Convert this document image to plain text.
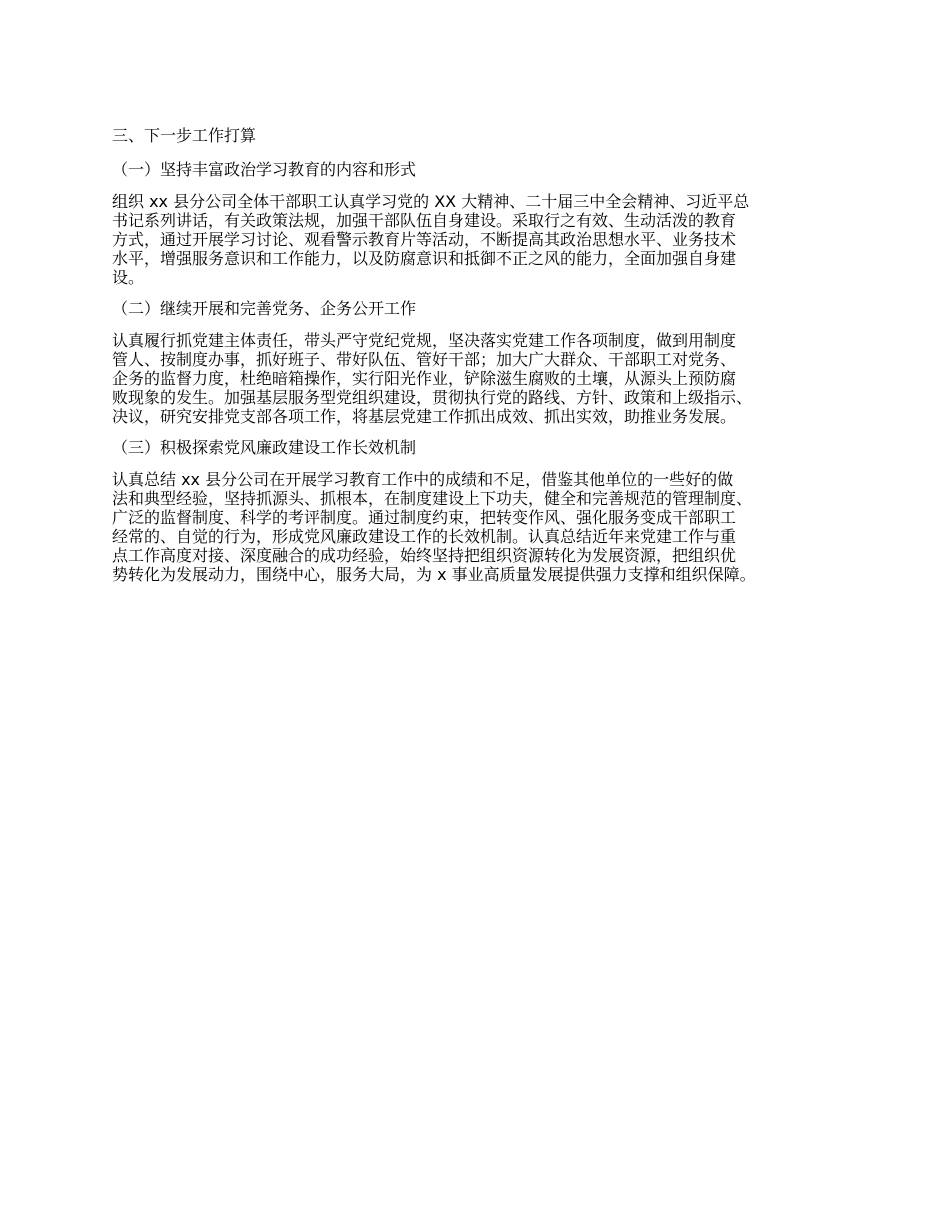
三、下一步工作打算
（一）坚持丰富政治学习教育的内容和形式
组织 xx 县分公司全体干部职工认真学习党的 XX 大精神、二十届三中全会精神、习近平总
书记系列讲话，有关政策法规，加强干部队伍自身建设。采取行之有效、生动活泼的教育
方式，通过开展学习讨论、观看警示教育片等活动，不断提高其政治思想水平、业务技术
水平，增强服务意识和工作能力，以及防腐意识和抵御不正之风的能力，全面加强自身建
设。
（二）继续开展和完善党务、企务公开工作
认真履行抓党建主体责任，带头严守党纪党规，坚决落实党建工作各项制度，做到用制度
管人、按制度办事，抓好班子、带好队伍、管好干部；加大广大群众、干部职工对党务、
企务的监督力度，杜绝暗箱操作，实行阳光作业，铲除滋生腐败的土壤，从源头上预防腐
败现象的发生。加强基层服务型党组织建设，贯彻执行党的路线、方针、政策和上级指示、
决议，研究安排党支部各项工作，将基层党建工作抓出成效、抓出实效，助推业务发展。
（三）积极探索党风廉政建设工作长效机制
认真总结 xx 县分公司在开展学习教育工作中的成绩和不足，借鉴其他单位的一些好的做
法和典型经验，坚持抓源头、抓根本，在制度建设上下功夫，健全和完善规范的管理制度、
广泛的监督制度、科学的考评制度。通过制度约束，把转变作风、强化服务变成干部职工
经常的、自觉的行为，形成党风廉政建设工作的长效机制。认真总结近年来党建工作与重
点工作高度对接、深度融合的成功经验，始终坚持把组织资源转化为发展资源，把组织优
势转化为发展动力，围绕中心，服务大局，为 x 事业高质量发展提供强力支撑和组织保障。
